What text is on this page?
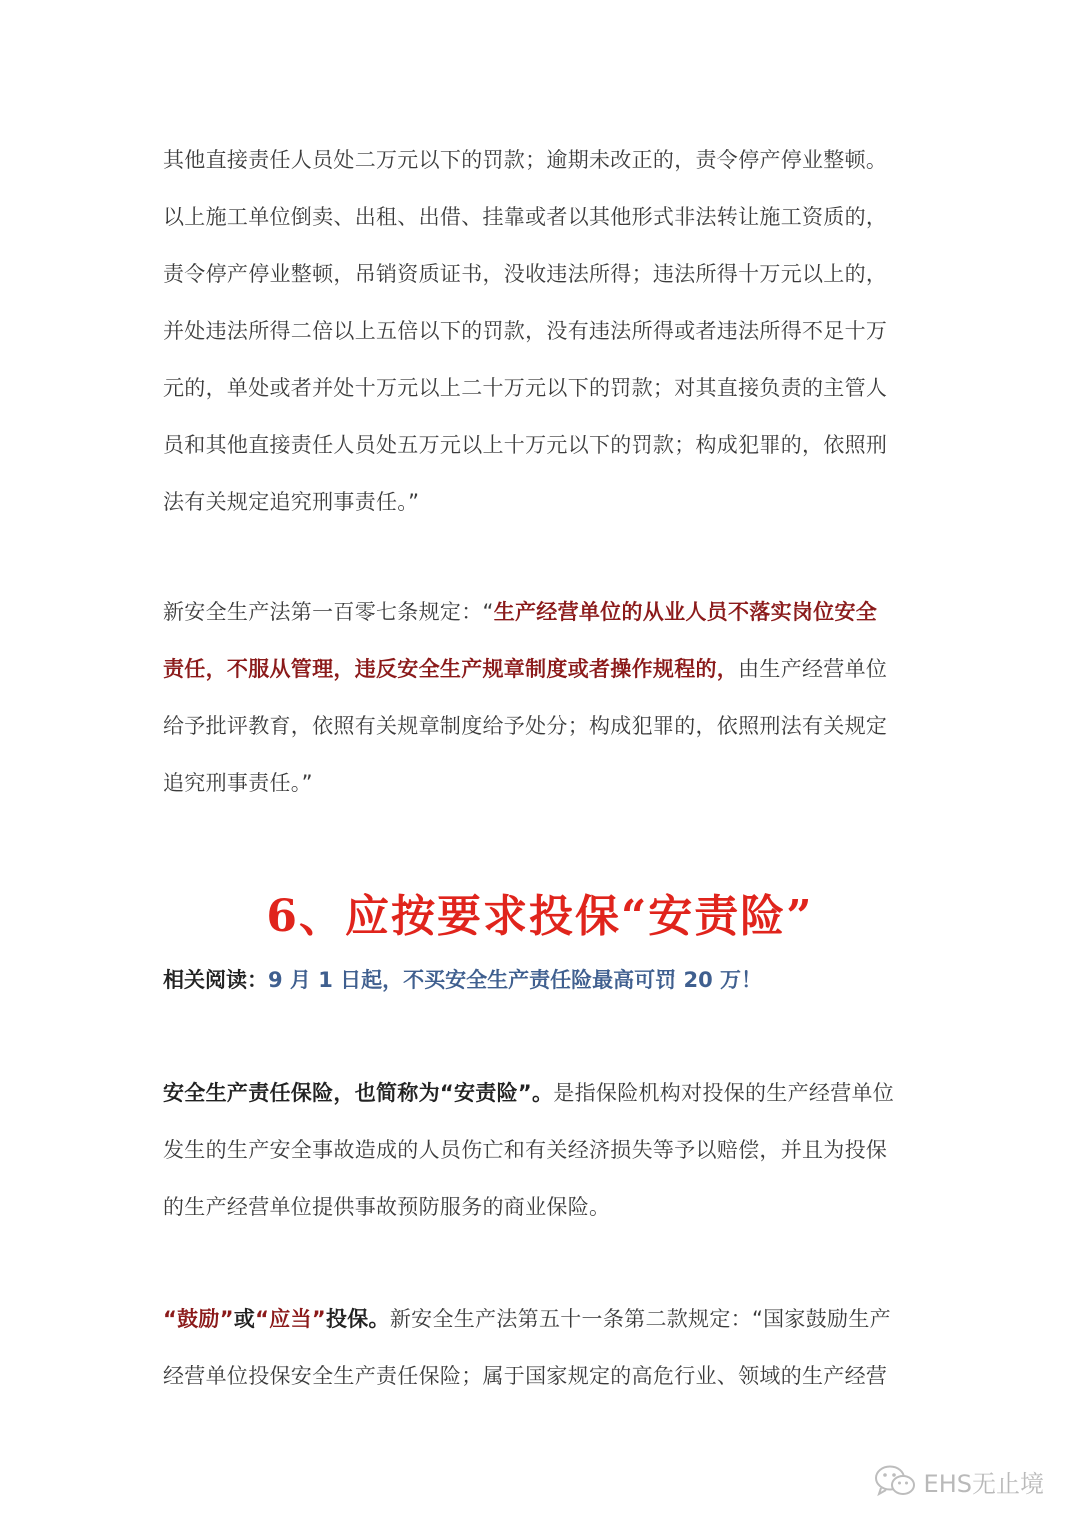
其他直接责任人员处二万元以下的罚款；逾期未改正的，责令停产停业整顿。
以上施工单位倒卖、出租、出借、挂靠或者以其他形式非法转让施工资质的，
责令停产停业整顿，吊销资质证书，没收违法所得；违法所得十万元以上的，
并处违法所得二倍以上五倍以下的罚款，没有违法所得或者违法所得不足十万
元的，单处或者并处十万元以上二十万元以下的罚款；对其直接负责的主管人
员和其他直接责任人员处五万元以上十万元以下的罚款；构成犯罪的，依照刑
法有关规定追究刑事责任。”
新安全生产法第一百零七条规定：“生产经营单位的从业人员不落实岗位安全
责任，不服从管理，违反安全生产规章制度或者操作规程的，由生产经营单位
给予批评教育，依照有关规章制度给予处分；构成犯罪的，依照刑法有关规定
追究刑事责任。”
6、应按要求投保“安责险”
相关阅读：9 月 1 日起，不买安全生产责任险最高可罚 20 万！
安全生产责任保险，也简称为“安责险”。是指保险机构对投保的生产经营单位
发生的生产安全事故造成的人员伤亡和有关经济损失等予以赔偿，并且为投保
的生产经营单位提供事故预防服务的商业保险。
“鼓励”或“应当”投保。新安全生产法第五十一条第二款规定：“国家鼓励生产
经营单位投保安全生产责任保险；属于国家规定的高危行业、领域的生产经营
EHS无止境
